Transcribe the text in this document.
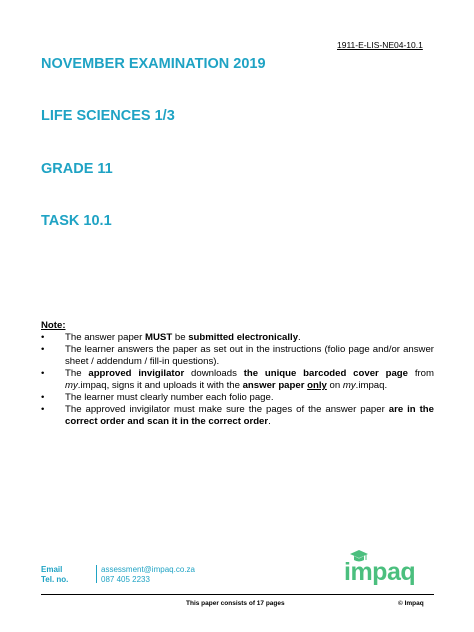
1911-E-LIS-NE04-10.1
NOVEMBER EXAMINATION 2019
LIFE SCIENCES 1/3
GRADE 11
TASK 10.1

Note:

• The answer paper MUST be submitted electronically.
• The learner answers the paper as set out in the instructions (folio page and/or answer sheet / addendum / fill-in questions).
• The approved invigilator downloads the unique barcoded cover page from my.impaq, signs it and uploads it with the answer paper only on my.impaq.
• The learner must clearly number each folio page.
• The approved invigilator must make sure the pages of the answer paper are in the correct order and scan it in the correct order.
Email
Tel. no.
assessment@impaq.co.za
087 405 2233	impaq
This paper consists of 17 pages	© Impaq
